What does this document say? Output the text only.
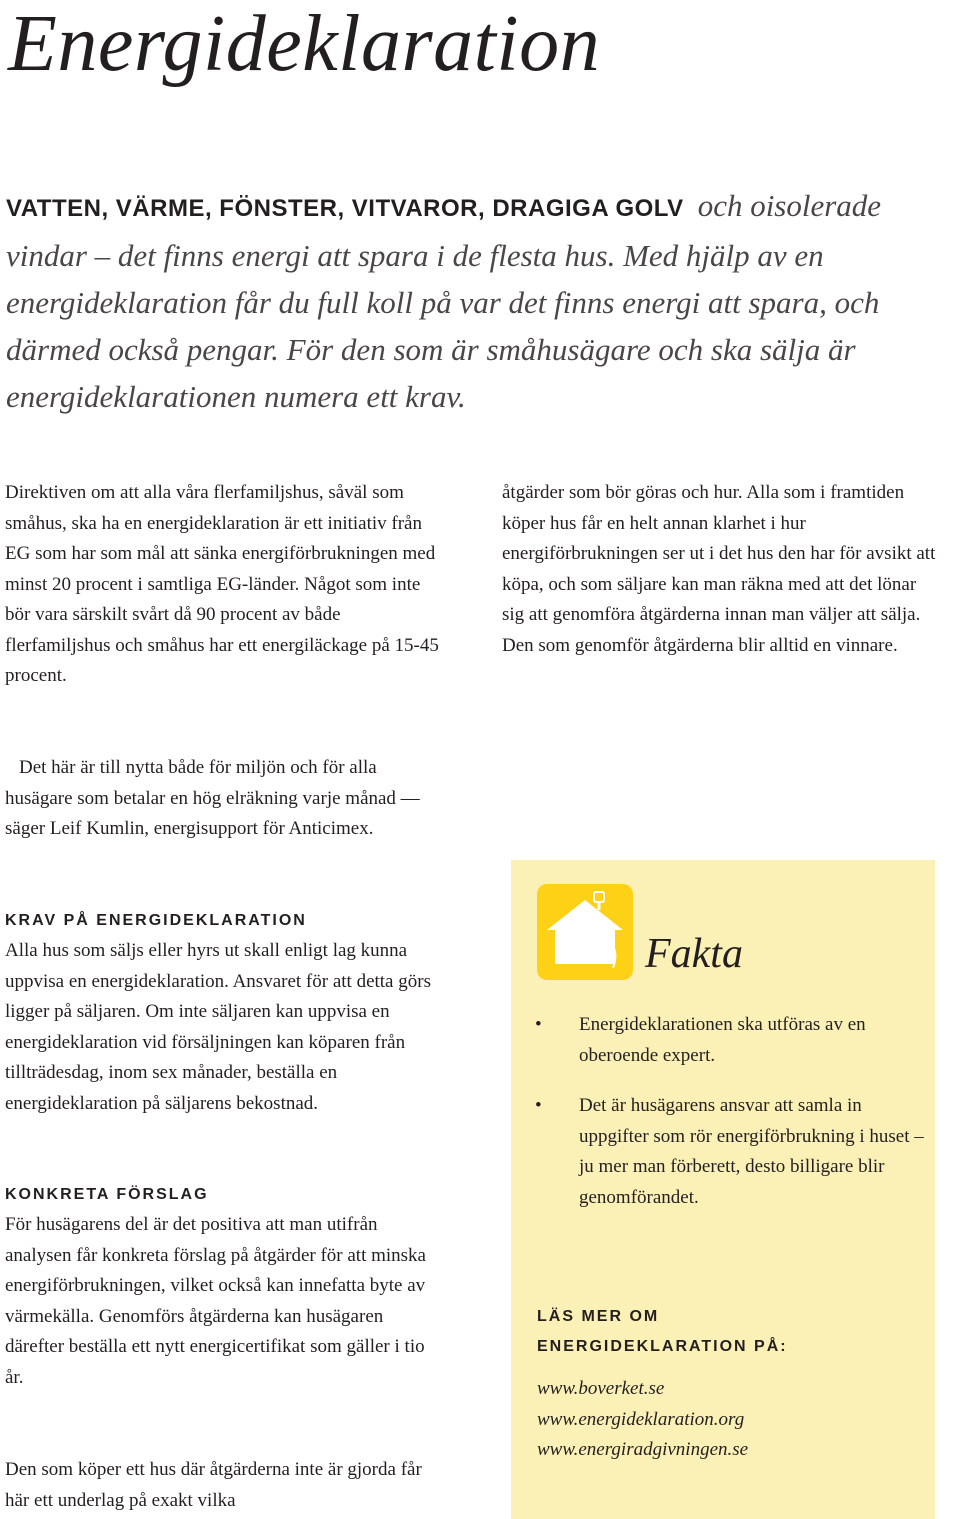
Energideklaration
VATTEN, VÄRME, FÖNSTER, VITVAROR, DRAGIGA GOLV och oisolerade vindar – det finns energi att spara i de flesta hus. Med hjälp av en energideklaration får du full koll på var det finns energi att spara, och därmed också pengar. För den som är småhusägare och ska sälja är energideklarationen numera ett krav.
Direktiven om att alla våra flerfamiljshus, såväl som småhus, ska ha en energideklaration är ett initiativ från EG som har som mål att sänka energiförbrukningen med minst 20 procent i samtliga EG-länder. Något som inte bör vara särskilt svårt då 90 procent av både flerfamiljshus och småhus har ett energiläckage på 15-45 procent.
åtgärder som bör göras och hur. Alla som i framtiden köper hus får en helt annan klarhet i hur energiförbrukningen ser ut i det hus den har för avsikt att köpa, och som säljare kan man räkna med att det lönar sig att genomföra åtgärderna innan man väljer att sälja. Den som genomför åtgärderna blir alltid en vinnare.
Det här är till nytta både för miljön och för alla husägare som betalar en hög elräkning varje månad — säger Leif Kumlin, energisupport för Anticimex.
KRAV PÅ ENERGIDEKLARATION
Alla hus som säljs eller hyrs ut skall enligt lag kunna uppvisa en energideklaration. Ansvaret för att detta görs ligger på säljaren. Om inte säljaren kan uppvisa en energideklaration vid försäljningen kan köparen från tillträdesdag, inom sex månader, beställa en energideklaration på säljarens bekostnad.
KONKRETA FÖRSLAG
För husägarens del är det positiva att man utifrån analysen får konkreta förslag på åtgärder för att minska energiförbrukningen, vilket också kan innefatta byte av värmekälla. Genomförs åtgärderna kan husägaren därefter beställa ett nytt energicertifikat som gäller i tio år.
Den som köper ett hus där åtgärderna inte är gjorda får här ett underlag på exakt vilka
Fakta
• Energideklarationen ska utföras av en oberoende expert.
• Det är husägarens ansvar att samla in uppgifter som rör energiförbrukning i huset – ju mer man förberett, desto billigare blir genomförandet.
LÄS MER OM
ENERGIDEKLARATION PÅ:
www.boverket.se
www.energideklaration.org
www.energiradgivningen.se
